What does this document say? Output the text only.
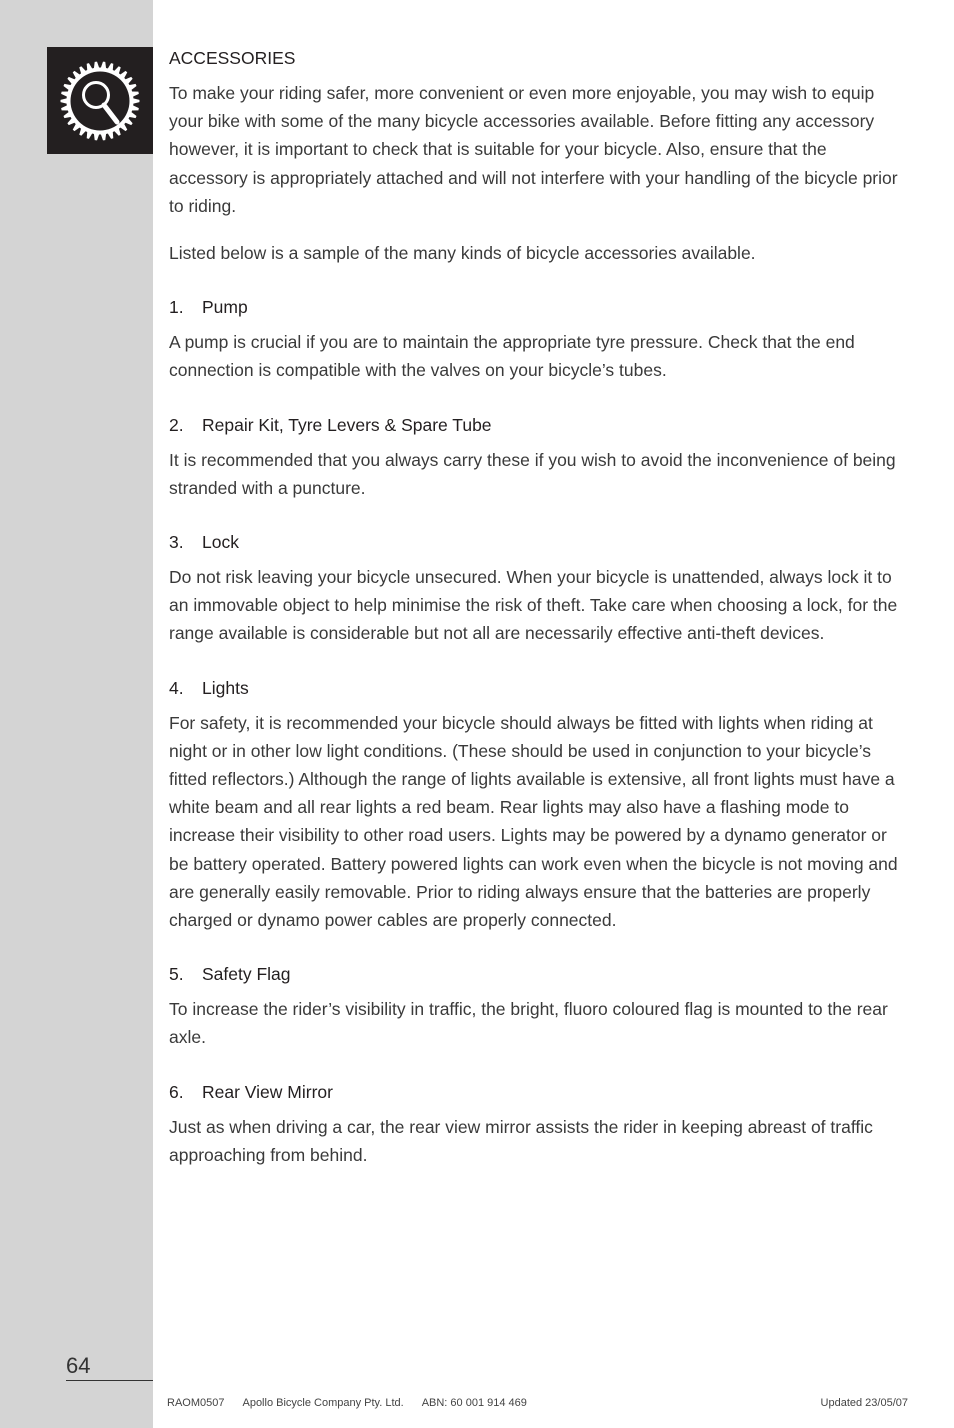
ACCESSORIES

To make your riding safer, more convenient or even more enjoyable, you may wish to equip your bike with some of the many bicycle accessories available. Before fitting any accessory however, it is important to check that is suitable for your bicycle. Also, ensure that the accessory is appropriately attached and will not interfere with your handling of the bicycle prior to riding.

Listed below is a sample of the many kinds of bicycle accessories available.

1. Pump

A pump is crucial if you are to maintain the appropriate tyre pressure. Check that the end connection is compatible with the valves on your bicycle’s tubes.

2. Repair Kit, Tyre Levers & Spare Tube

It is recommended that you always carry these if you wish to avoid the inconvenience of being stranded with a puncture.

3. Lock

Do not risk leaving your bicycle unsecured. When your bicycle is unattended, always lock it to an immovable object to help minimise the risk of theft. Take care when choosing a lock, for the range available is considerable but not all are necessarily effective anti-theft devices.

4. Lights

For safety, it is recommended your bicycle should always be fitted with lights when riding at night or in other low light conditions. (These should be used in conjunction to your bicycle’s fitted reflectors.) Although the range of lights available is extensive, all front lights must have a white beam and all rear lights a red beam. Rear lights may also have a flashing mode to increase their visibility to other road users. Lights may be powered by a dynamo generator or be battery operated. Battery powered lights can work even when the bicycle is not moving and are generally easily removable. Prior to riding always ensure that the batteries are properly charged or dynamo power cables are properly connected.

5. Safety Flag

To increase the rider’s visibility in traffic, the bright, fluoro coloured flag is mounted to the rear axle.

6. Rear View Mirror

Just as when driving a car, the rear view mirror assists the rider in keeping abreast of traffic approaching from behind.

64
RAOM0507 Apollo Bicycle Company Pty. Ltd. ABN: 60 001 914 469	Updated 23/05/07
